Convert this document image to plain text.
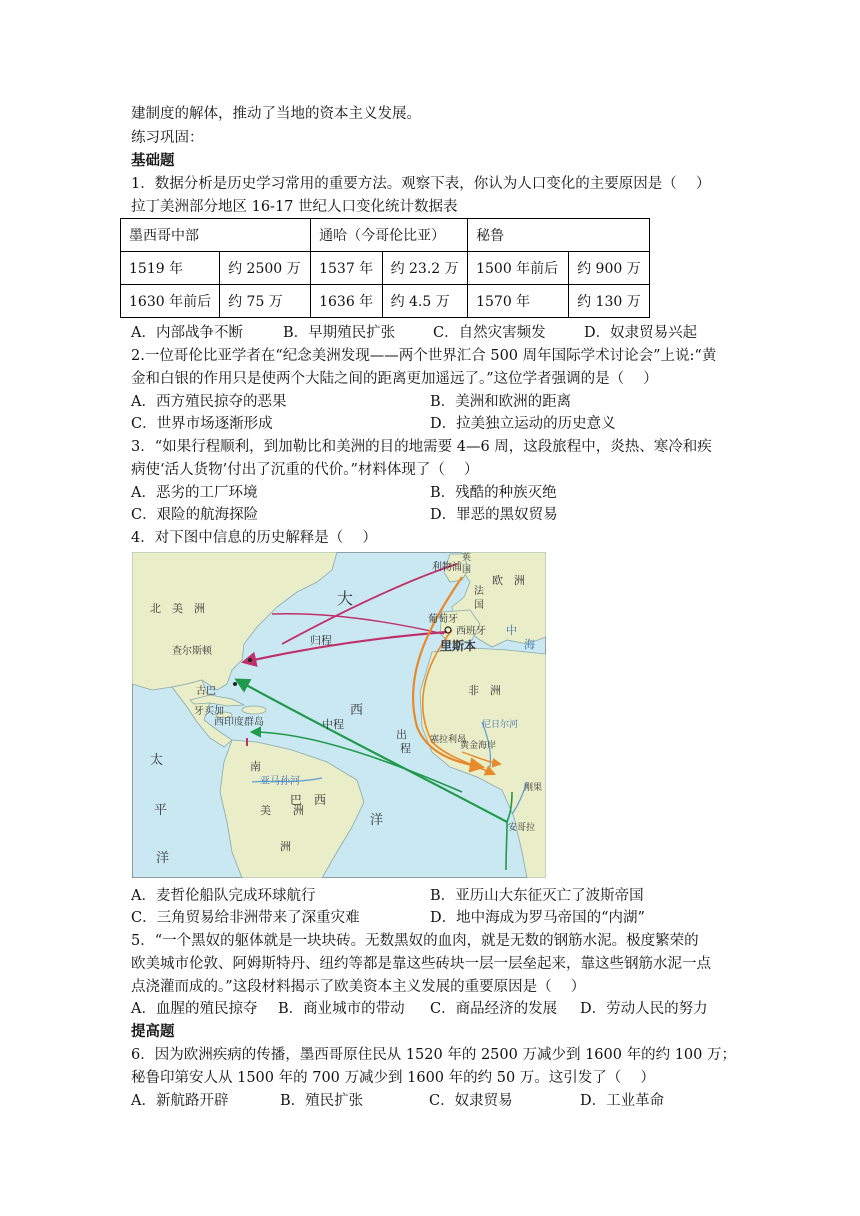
建制度的解体，推动了当地的资本主义发展。
练习巩固：
基础题
1．数据分析是历史学习常用的重要方法。观察下表，你认为人口变化的主要原因是（　 ）
拉丁美洲部分地区 16-17 世纪人口变化统计数据表
墨西哥中部		通哈（今哥伦比亚）		秘鲁	
1519 年	约 2500 万	1537 年	约 23.2 万	1500 年前后	约 900 万
1630 年前后	约 75 万	1636 年	约 4.5 万	1570 年	约 130 万
A．内部战争不断	B．早期殖民扩张	C．自然灾害频发	D．奴隶贸易兴起
2.一位哥伦比亚学者在“纪念美洲发现——两个世界汇合 500 周年国际学术讨论会”上说:“黄
金和白银的作用只是使两个大陆之间的距离更加遥远了。”这位学者强调的是（　 ）
A．西方殖民掠夺的恶果	B．美洲和欧洲的距离
C．世界市场逐渐形成	D．拉美独立运动的历史意义
3．“如果行程顺利，到加勒比和美洲的目的地需要 4—6 周，这段旅程中，炎热、寒冷和疾
病使‘活人货物’付出了沉重的代价。”材料体现了（　 ）
A．恶劣的工厂环境	B．残酷的种族灭绝
C．艰险的航海探险	D．罪恶的黑奴贸易
4．对下图中信息的历史解释是（　 ）
北　美　洲
大
西
洋
太
平
洋
南
美　　洲
巴　西
洲
亚马孙河
欧　洲
非　洲
中
海
查尔斯顿
古巴
牙买加
西印度群岛
利物浦
英
国
法
国
葡萄牙
西班牙
里斯本
归程
中程
出
程
塞拉利昂
黄金海岸
尼日尔河
刚果
安哥拉
A．麦哲伦船队完成环球航行	B．亚历山大东征灭亡了波斯帝国
C．三角贸易给非洲带来了深重灾难	D．地中海成为罗马帝国的“内湖”
5．“一个黑奴的躯体就是一块块砖。无数黑奴的血肉，就是无数的钢筋水泥。极度繁荣的
欧美城市伦敦、阿姆斯特丹、纽约等都是靠这些砖块一层一层垒起来，靠这些钢筋水泥一点
点浇灌而成的。”这段材料揭示了欧美资本主义发展的重要原因是（　 ）
A．血腥的殖民掠夺 B．商业城市的带动 C．商品经济的发展 D．劳动人民的努力
提高题
6．因为欧洲疾病的传播，墨西哥原住民从 1520 年的 2500 万减少到 1600 年的约 100 万；
秘鲁印第安人从 1500 年的 700 万减少到 1600 年的约 50 万。这引发了（　 ）
A．新航路开辟	B．殖民扩张	C．奴隶贸易	D．工业革命
